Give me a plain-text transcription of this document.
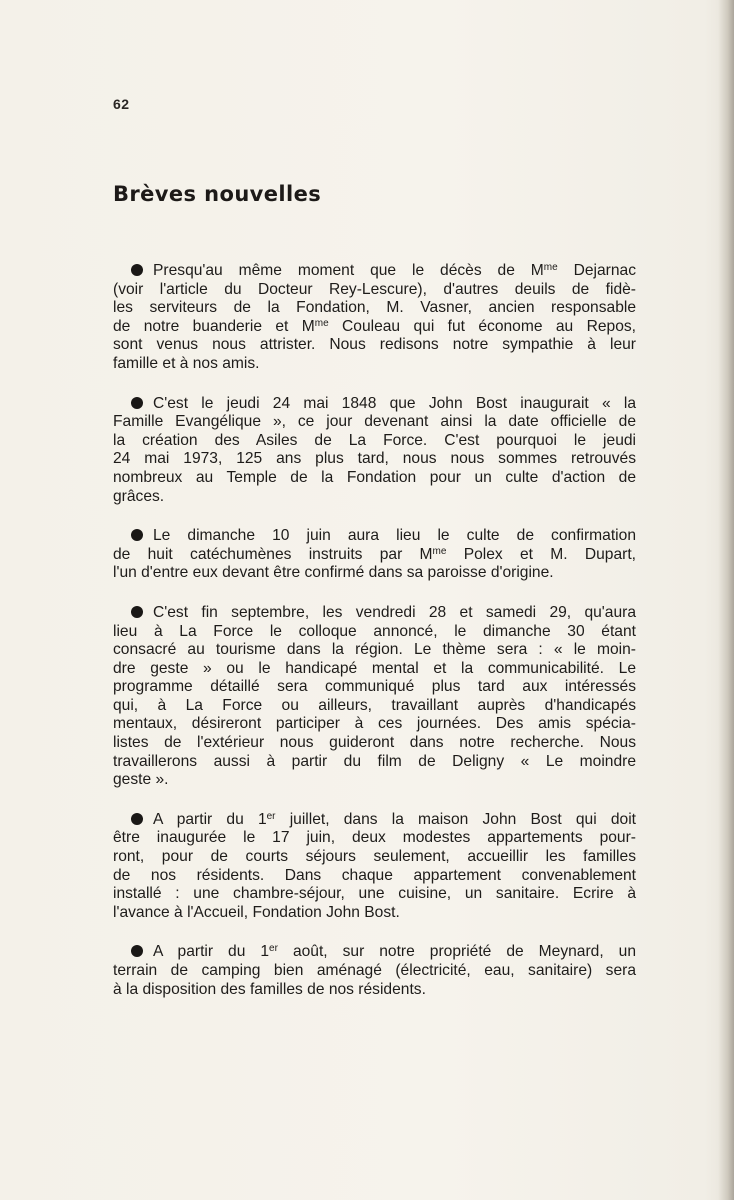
62
Brèves nouvelles
Presqu'au même moment que le décès de $M^{me}$ Dejarnac
(voir l'article du Docteur Rey-Lescure), d'autres deuils de fidè-
les serviteurs de la Fondation, M. Vasner, ancien responsable
de notre buanderie et $M^{me}$ Couleau qui fut économe au Repos,
sont venus nous attrister. Nous redisons notre sympathie à leur
famille et à nos amis.
C'est le jeudi 24 mai 1848 que John Bost inaugurait « la
Famille Evangélique », ce jour devenant ainsi la date officielle de
la création des Asiles de La Force. C'est pourquoi le jeudi
24 mai 1973, 125 ans plus tard, nous nous sommes retrouvés
nombreux au Temple de la Fondation pour un culte d'action de
grâces.
Le dimanche 10 juin aura lieu le culte de confirmation
de huit catéchumènes instruits par $M^{me}$ Polex et M. Dupart,
l'un d'entre eux devant être confirmé dans sa paroisse d'origine.
C'est fin septembre, les vendredi 28 et samedi 29, qu'aura
lieu à La Force le colloque annoncé, le dimanche 30 étant
consacré au tourisme dans la région. Le thème sera : « le moin-
dre geste » ou le handicapé mental et la communicabilité. Le
programme détaillé sera communiqué plus tard aux intéressés
qui, à La Force ou ailleurs, travaillant auprès d'handicapés
mentaux, désireront participer à ces journées. Des amis spécia-
listes de l'extérieur nous guideront dans notre recherche. Nous
travaillerons aussi à partir du film de Deligny « Le moindre
geste ».
A partir du 1er juillet, dans la maison John Bost qui doit
être inaugurée le 17 juin, deux modestes appartements pour-
ront, pour de courts séjours seulement, accueillir les familles
de nos résidents. Dans chaque appartement convenablement
installé : une chambre-séjour, une cuisine, un sanitaire. Ecrire à
l'avance à l'Accueil, Fondation John Bost.
A partir du 1er août, sur notre propriété de Meynard, un
terrain de camping bien aménagé (électricité, eau, sanitaire) sera
à la disposition des familles de nos résidents.
